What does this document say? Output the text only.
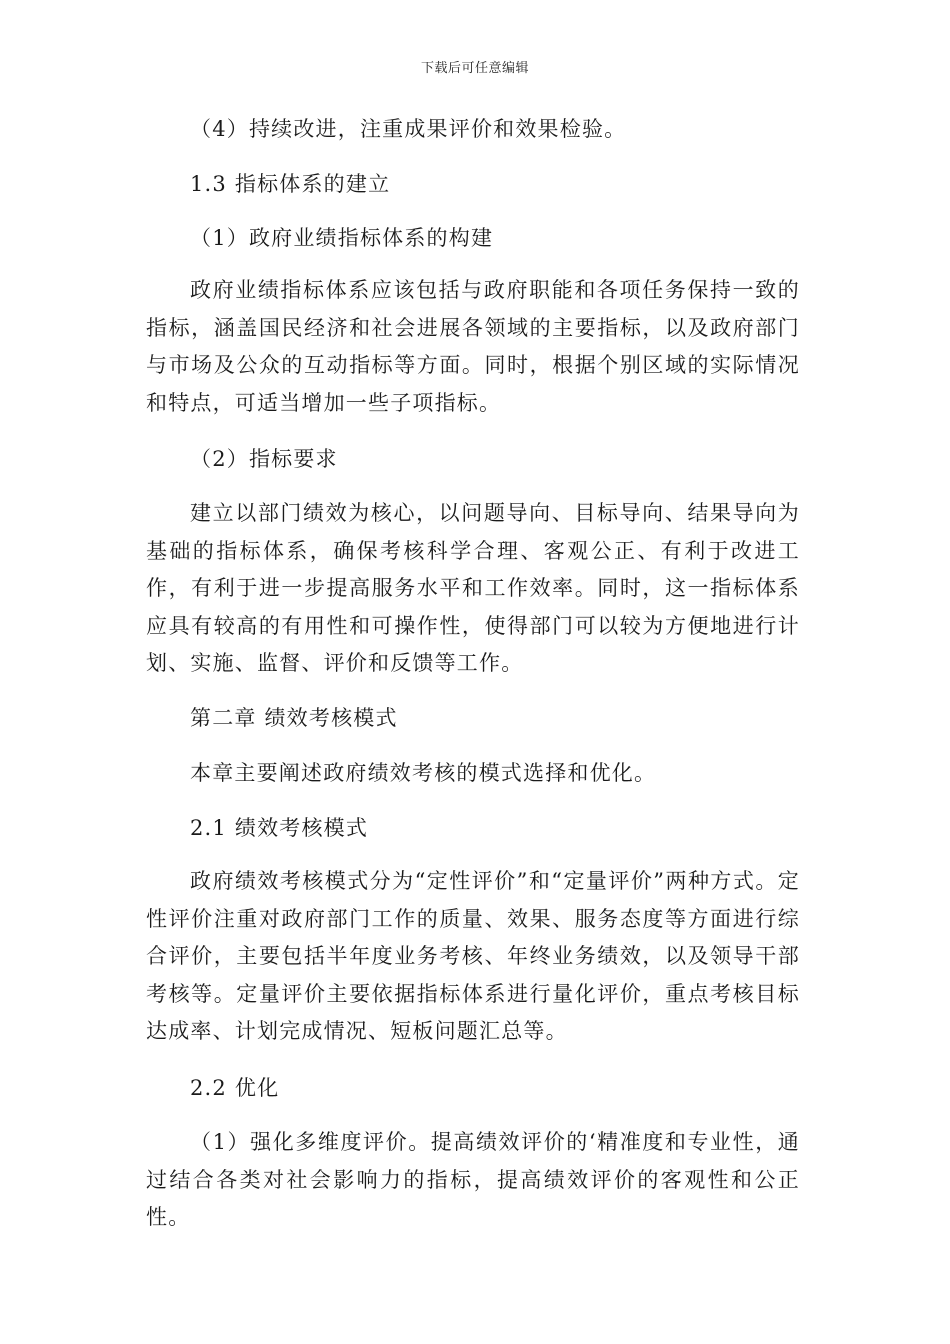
下载后可任意编辑

（4）持续改进，注重成果评价和效果检验。

1.3 指标体系的建立

（1）政府业绩指标体系的构建

政府业绩指标体系应该包括与政府职能和各项任务保持一致的指标，涵盖国民经济和社会进展各领域的主要指标，以及政府部门与市场及公众的互动指标等方面。同时，根据个别区域的实际情况和特点，可适当增加一些子项指标。

（2）指标要求

建立以部门绩效为核心，以问题导向、目标导向、结果导向为基础的指标体系，确保考核科学合理、客观公正、有利于改进工作，有利于进一步提高服务水平和工作效率。同时，这一指标体系应具有较高的有用性和可操作性，使得部门可以较为方便地进行计划、实施、监督、评价和反馈等工作。

第二章 绩效考核模式

本章主要阐述政府绩效考核的模式选择和优化。

2.1 绩效考核模式

政府绩效考核模式分为“定性评价”和“定量评价”两种方式。定性评价注重对政府部门工作的质量、效果、服务态度等方面进行综合评价，主要包括半年度业务考核、年终业务绩效，以及领导干部考核等。定量评价主要依据指标体系进行量化评价，重点考核目标达成率、计划完成情况、短板问题汇总等。

2.2 优化

（1）强化多维度评价。提高绩效评价的‘精准度和专业性，通过结合各类对社会影响力的指标，提高绩效评价的客观性和公正性。
